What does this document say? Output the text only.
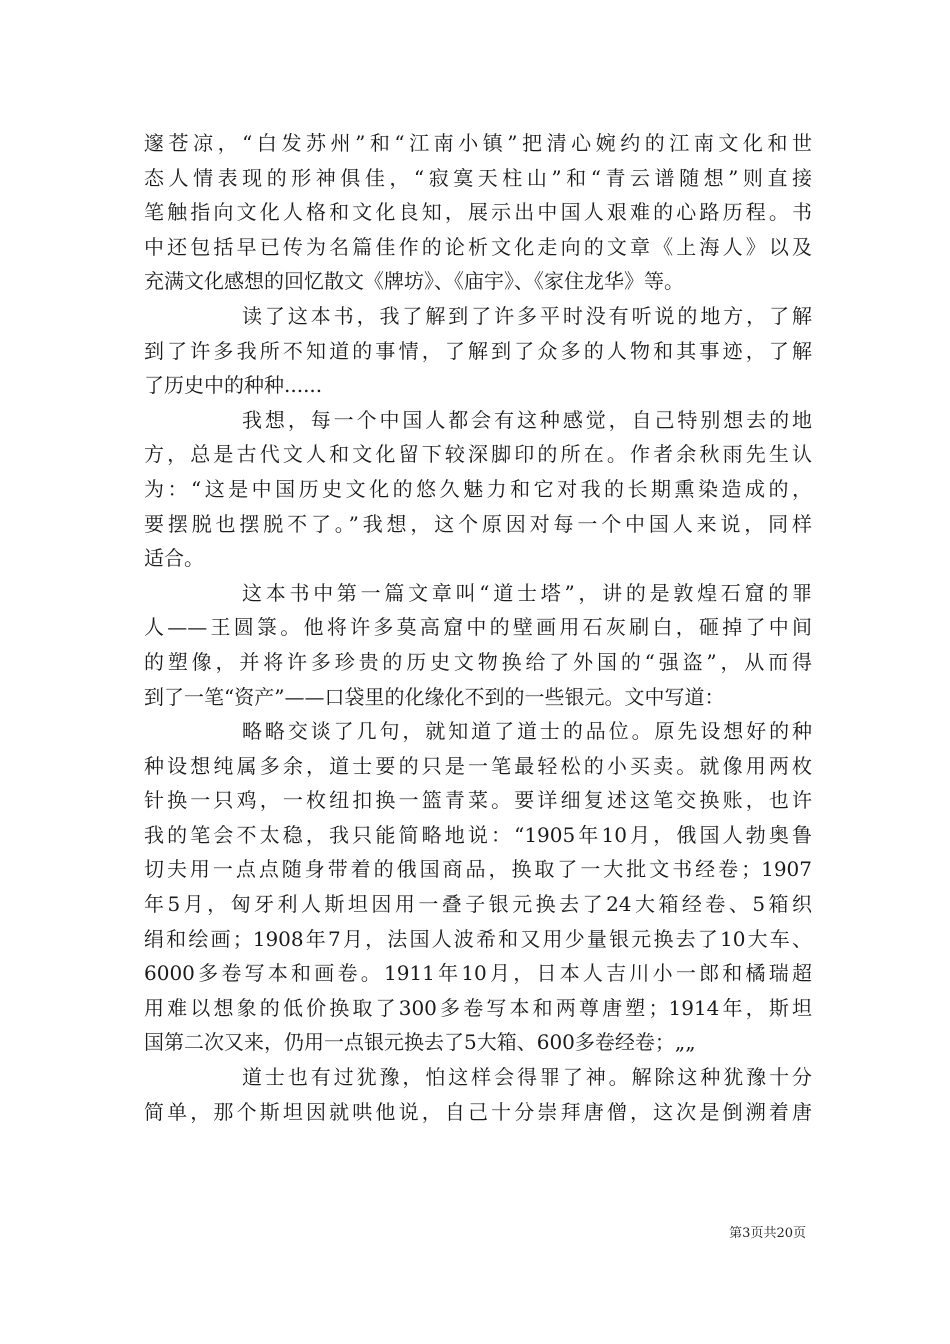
邃苍凉，“白发苏州”和“江南小镇”把清心婉约的江南文化和世
态人情表现的形神俱佳，“寂寞天柱山”和“青云谱随想”则直接
笔触指向文化人格和文化良知，展示出中国人艰难的心路历程。书
中还包括早已传为名篇佳作的论析文化走向的文章《上海人》以及
充满文化感想的回忆散文《牌坊》、《庙宇》、《家住龙华》等。
读了这本书，我了解到了许多平时没有听说的地方，了解
到了许多我所不知道的事情，了解到了众多的人物和其事迹，了解
了历史中的种种......
我想，每一个中国人都会有这种感觉，自己特别想去的地
方，总是古代文人和文化留下较深脚印的所在。作者余秋雨先生认
为：“这是中国历史文化的悠久魅力和它对我的长期熏染造成的，
要摆脱也摆脱不了。”我想，这个原因对每一个中国人来说，同样
适合。
这本书中第一篇文章叫“道士塔”，讲的是敦煌石窟的罪
人——王圆箓。他将许多莫高窟中的壁画用石灰刷白，砸掉了中间
的塑像，并将许多珍贵的历史文物换给了外国的“强盗”，从而得
到了一笔“资产”——口袋里的化缘化不到的一些银元。文中写道：
略略交谈了几句，就知道了道士的品位。原先设想好的种
种设想纯属多余，道士要的只是一笔最轻松的小买卖。就像用两枚
针换一只鸡，一枚纽扣换一篮青菜。要详细复述这笔交换账，也许
我的笔会不太稳，我只能简略地说：“1905年10月，俄国人勃奥鲁
切夫用一点点随身带着的俄国商品，换取了一大批文书经卷；1907
年5月，匈牙利人斯坦因用一叠子银元换去了24大箱经卷、5箱织
绢和绘画；1908年7月，法国人波希和又用少量银元换去了10大车、
6000多卷写本和画卷。1911年10月，日本人吉川小一郎和橘瑞超
用难以想象的低价换取了300多卷写本和两尊唐塑；1914年，斯坦
国第二次又来，仍用一点银元换去了5大箱、600多卷经卷；„„
道士也有过犹豫，怕这样会得罪了神。解除这种犹豫十分
简单，那个斯坦因就哄他说，自己十分崇拜唐僧，这次是倒溯着唐
第3页共20页
